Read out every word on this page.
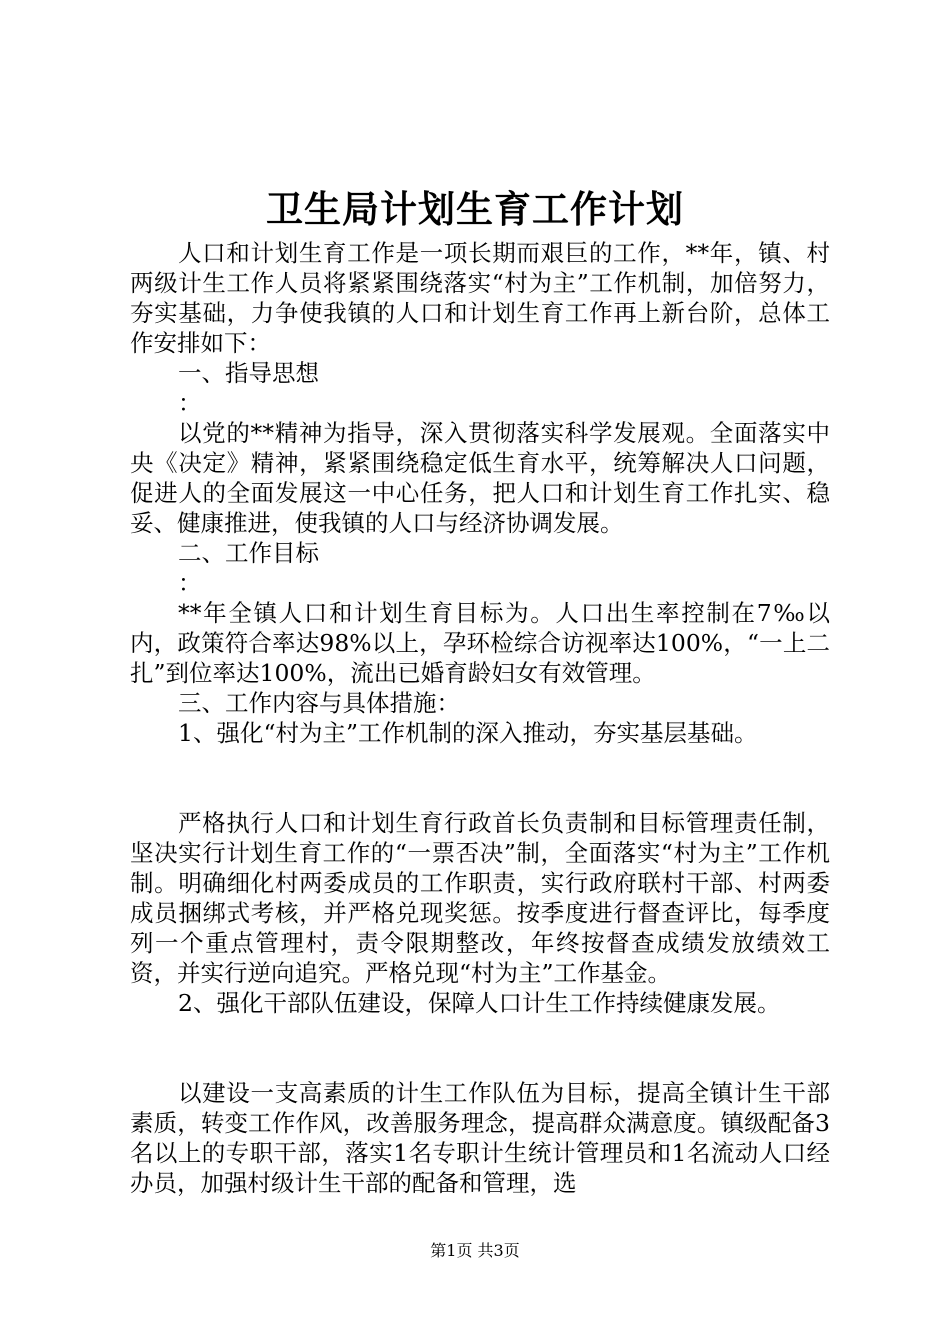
卫生局计划生育工作计划

人口和计划生育工作是一项长期而艰巨的工作，**年，镇、村两级计生工作人员将紧紧围绕落实“村为主”工作机制，加倍努力，夯实基础，力争使我镇的人口和计划生育工作再上新台阶，总体工作安排如下：

一、指导思想

：

以党的**精神为指导，深入贯彻落实科学发展观。全面落实中央《决定》精神，紧紧围绕稳定低生育水平，统筹解决人口问题，促进人的全面发展这一中心任务，把人口和计划生育工作扎实、稳妥、健康推进，使我镇的人口与经济协调发展。

二、工作目标

：

**年全镇人口和计划生育目标为。人口出生率控制在7‰以内，政策符合率达98%以上，孕环检综合访视率达100%，“一上二扎”到位率达100%，流出已婚育龄妇女有效管理。

三、工作内容与具体措施：

1、强化“村为主”工作机制的深入推动，夯实基层基础。

严格执行人口和计划生育行政首长负责制和目标管理责任制，坚决实行计划生育工作的“一票否决”制，全面落实“村为主”工作机制。明确细化村两委成员的工作职责，实行政府联村干部、村两委成员捆绑式考核，并严格兑现奖惩。按季度进行督查评比，每季度列一个重点管理村，责令限期整改，年终按督查成绩发放绩效工资，并实行逆向追究。严格兑现“村为主”工作基金。

2、强化干部队伍建设，保障人口计生工作持续健康发展。

以建设一支高素质的计生工作队伍为目标，提高全镇计生干部素质，转变工作作风，改善服务理念，提高群众满意度。镇级配备3名以上的专职干部，落实1名专职计生统计管理员和1名流动人口经办员，加强村级计生干部的配备和管理，选

第1页 共3页
